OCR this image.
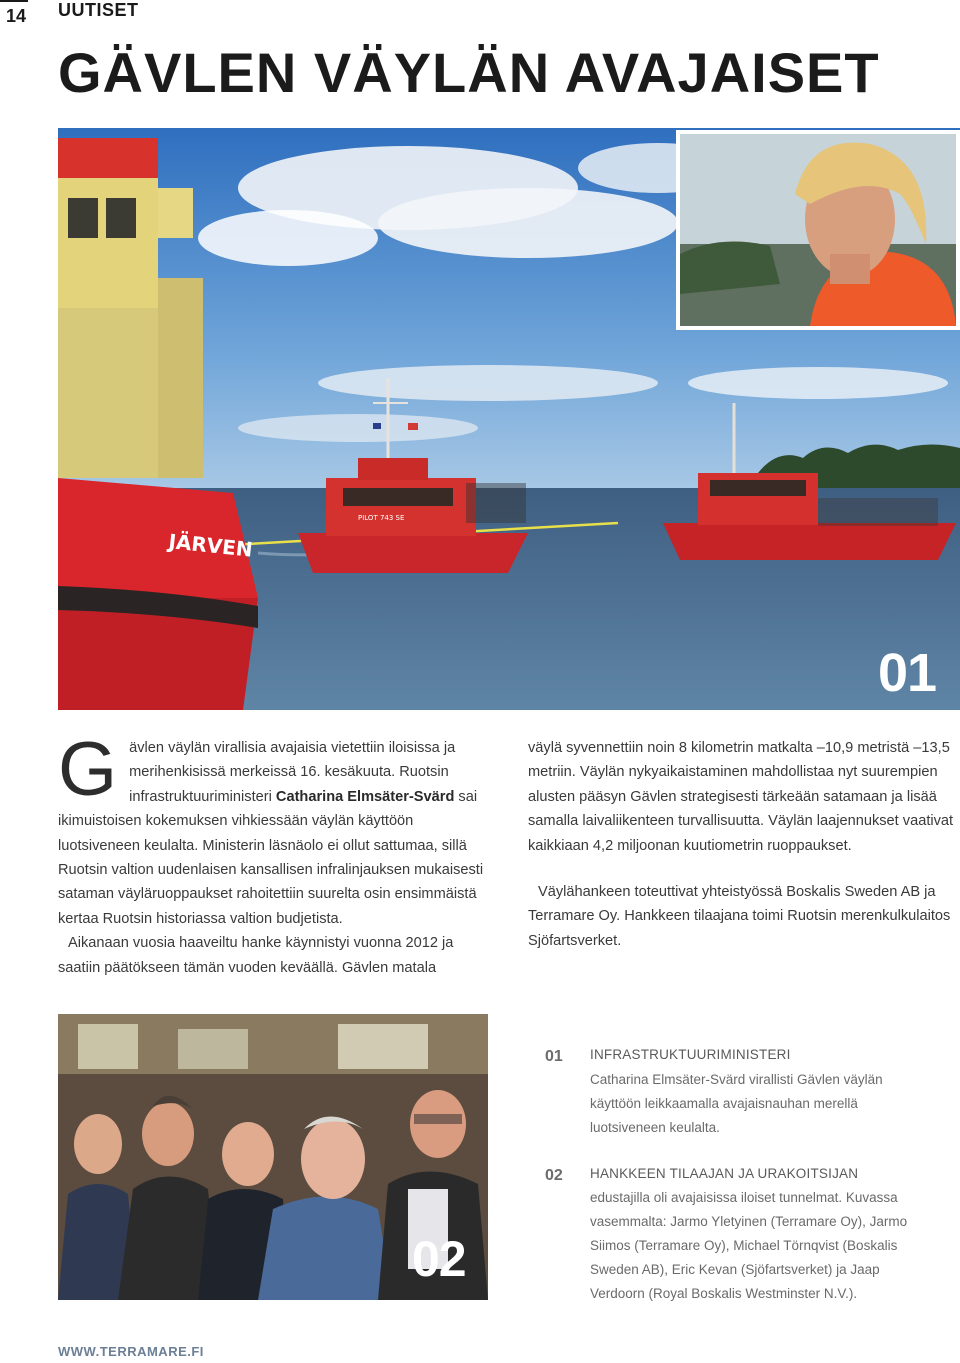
14 UUTISET
GÄVLEN VÄYLÄN AVAJAISET
PILOT 743 SE
JÄRVEN
01

Gävlen väylän virallisia avajaisia vietettiin iloisissa ja merihenkisissä merkeissä 16. kesäkuuta. Ruotsin infrastruktuuriministeri Catharina Elmsäter-Svärd sai ikimuistoisen kokemuksen vihkiessään väylän käyttöön luotsiveneen keulalta. Ministerin läsnäolo ei ollut sattumaa, sillä Ruotsin valtion uudenlaisen kansallisen infralinjauksen mukaisesti sataman väyläruoppaukset rahoitettiin suurelta osin ensimmäistä kertaa Ruotsin historiassa valtion budjetista.

Aikanaan vuosia haaveiltu hanke käynnistyi vuonna 2012 ja saatiin päätökseen tämän vuoden keväällä. Gävlen matala

väylä syvennettiin noin 8 kilometrin matkalta –10,9 metristä –13,5 metriin. Väylän nykyaikaistaminen mahdollistaa nyt suurempien alusten pääsyn Gävlen strategisesti tärkeään satamaan ja lisää samalla laivaliikenteen turvallisuutta. Väylän laajennukset vaativat kaikkiaan 4,2 miljoonan kuutiometrin ruoppaukset.

Väylähankeen toteuttivat yhteistyössä Boskalis Sweden AB ja Terramare Oy. Hankkeen tilaajana toimi Ruotsin merenkulkulaitos Sjöfartsverket.

02
01 INFRASTRUKTUURIMINISTERI
Catharina Elmsäter-Svärd virallisti Gävlen väylän käyttöön leikkaamalla avajaisnauhan merellä luotsiveneen keulalta.
02 HANKKEEN TILAAJAN JA URAKOITSIJAN
edustajilla oli avajaisissa iloiset tunnelmat. Kuvassa vasemmalta: Jarmo Yletyinen (Terramare Oy), Jarmo Siimos (Terramare Oy), Michael Törnqvist (Boskalis Sweden AB), Eric Kevan (Sjöfartsverket) ja Jaap Verdoorn (Royal Boskalis Westminster N.V.).
WWW.TERRAMARE.FI
